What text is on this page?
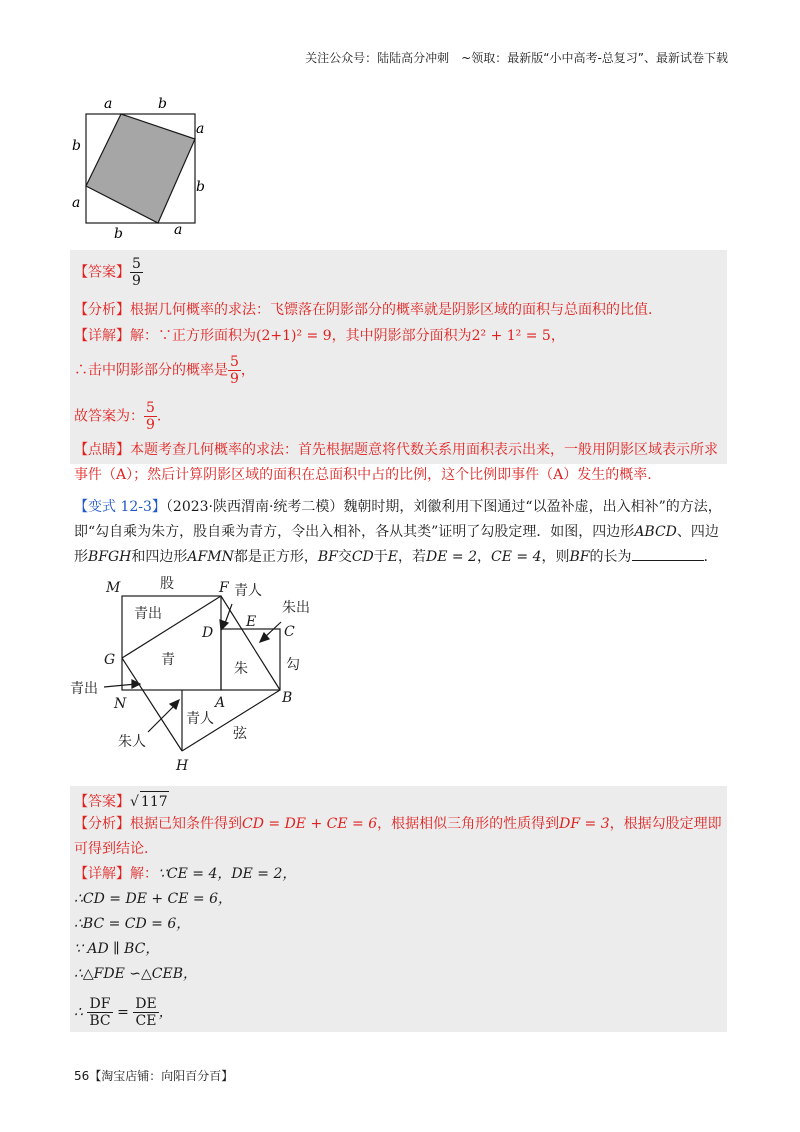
关注公众号：陆陆高分冲刺　~领取：最新版“小中高考-总复习”、最新试卷下载
a	b
a
b
b	a
b
a
【答案】 $\frac{5}{9}$
【分析】根据几何概率的求法：飞镖落在阴影部分的概率就是阴影区域的面积与总面积的比值.
【详解】解：∵正方形面积为(2+1)² = 9，其中阴影部分面积为2² + 1² = 5，
∴击中阴影部分的概率是 $\frac{5}{9}$ ，
故答案为： $\frac{5}{9}$ .
【点睛】本题考查几何概率的求法：首先根据题意将代数关系用面积表示出来，一般用阴影区域表示所求事件（A）；然后计算阴影区域的面积在总面积中占的比例，这个比例即事件（A）发生的概率.
【变式 12-3】（2023·陕西渭南·统考二模）魏朝时期，刘徽利用下图通过“以盈补虚，出入相补”的方法，即“勾自乘为朱方，股自乘为青方，令出入相补，各从其类”证明了勾股定理．如图，四边形ABCD、四边形BFGH和四边形AFMN都是正方形，BF交CD于E，若DE = 2，CE = 4，则BF的长为	.
M	F
G
N
H
D
E
C
A	B
股	青人
朱出
青出
青
朱	勾
青出
朱人
青人
弦
【答案】√ 117
【分析】根据已知条件得到CD = DE + CE = 6，根据相似三角形的性质得到DF = 3，根据勾股定理即可得到结论.
【详解】解：∵CE = 4，DE = 2，
∴CD = DE + CE = 6，
∴BC = CD = 6，
∵ AD ∥ BC，
∴△FDE ∽△CEB，
∴ $\frac{DF}{BC} = \frac{DE}{CE}$ ，
56【淘宝店铺：向阳百分百】
